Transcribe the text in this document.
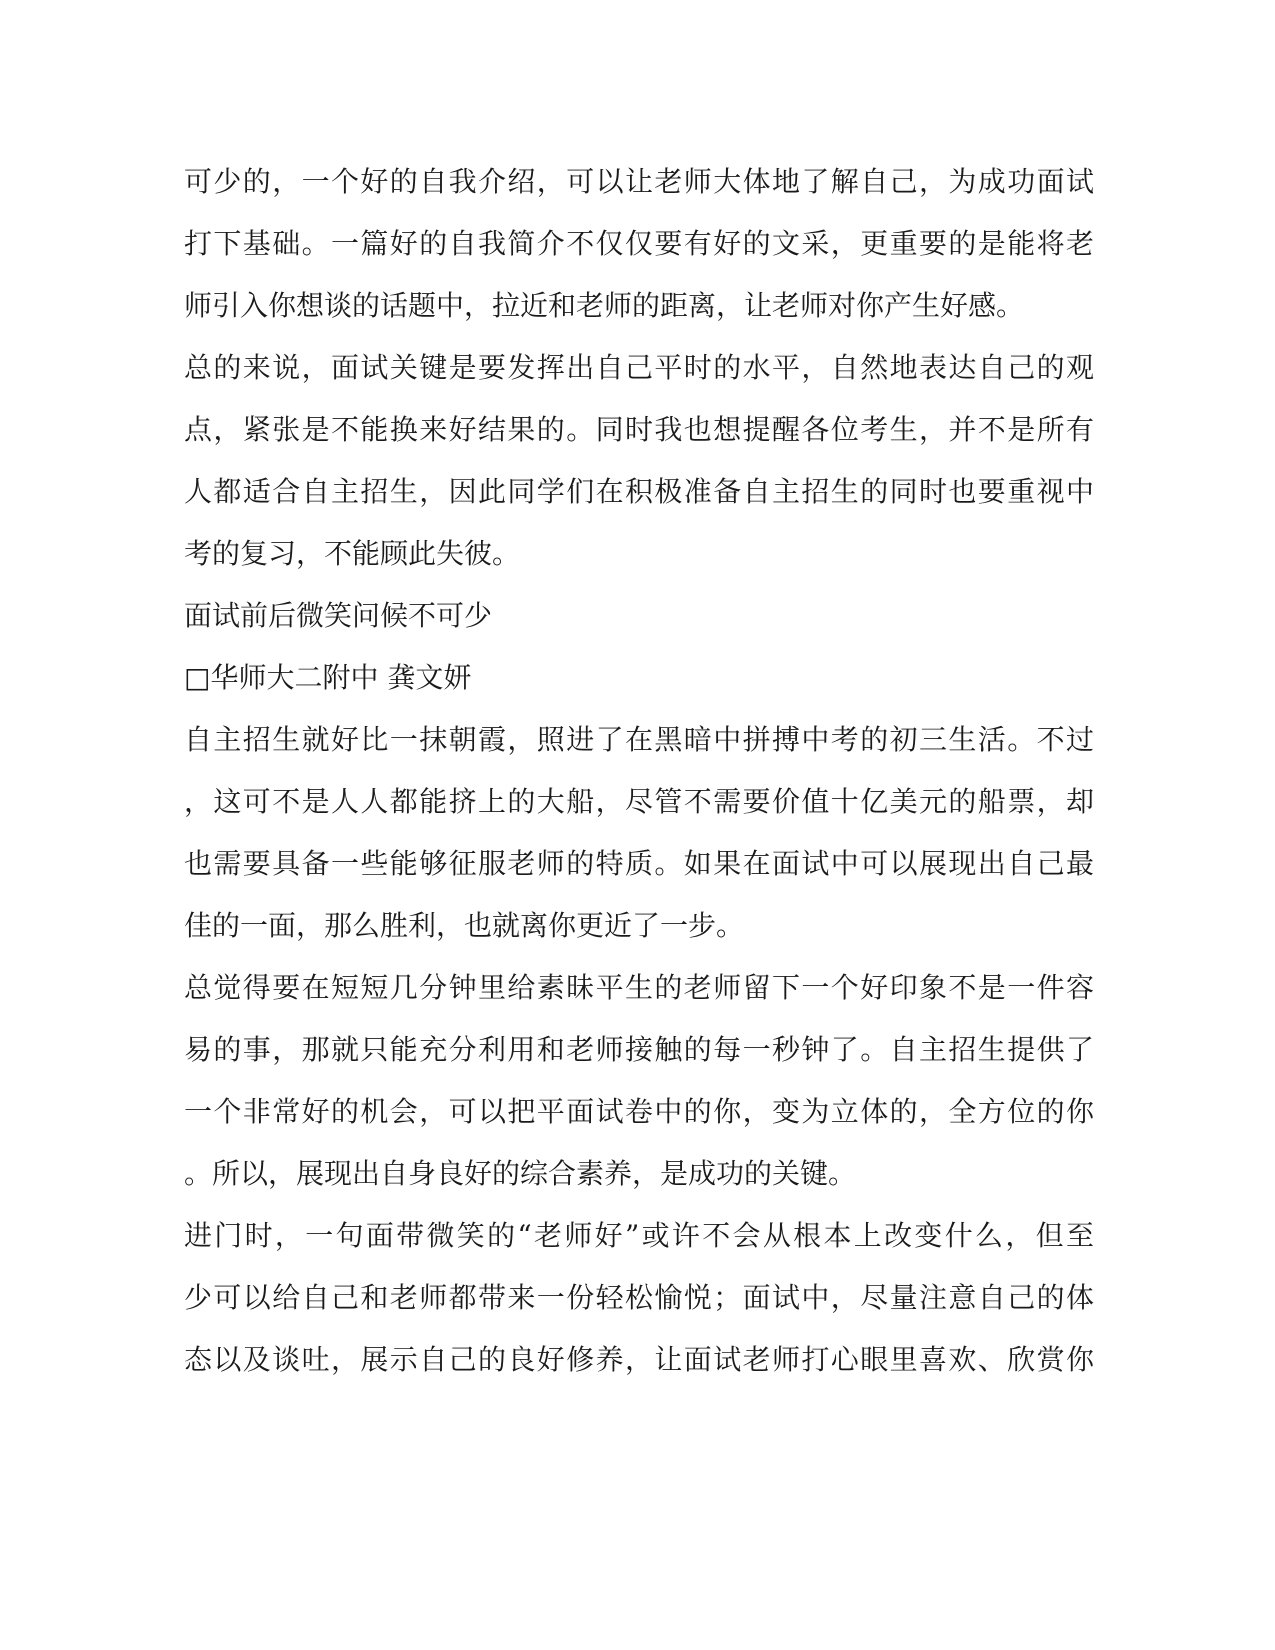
可少的，一个好的自我介绍，可以让老师大体地了解自己，为成功面试

打下基础。一篇好的自我简介不仅仅要有好的文采，更重要的是能将老

师引入你想谈的话题中，拉近和老师的距离，让老师对你产生好感。

总的来说，面试关键是要发挥出自己平时的水平，自然地表达自己的观

点，紧张是不能换来好结果的。同时我也想提醒各位考生，并不是所有

人都适合自主招生，因此同学们在积极准备自主招生的同时也要重视中

考的复习，不能顾此失彼。

面试前后微笑问候不可少

□华师大二附中 龚文妍

自主招生就好比一抹朝霞，照进了在黑暗中拼搏中考的初三生活。不过

，这可不是人人都能挤上的大船，尽管不需要价值十亿美元的船票，却

也需要具备一些能够征服老师的特质。如果在面试中可以展现出自己最

佳的一面，那么胜利，也就离你更近了一步。

总觉得要在短短几分钟里给素昧平生的老师留下一个好印象不是一件容

易的事，那就只能充分利用和老师接触的每一秒钟了。自主招生提供了

一个非常好的机会，可以把平面试卷中的你，变为立体的，全方位的你

。所以，展现出自身良好的综合素养，是成功的关键。

进门时，一句面带微笑的“老师好”或许不会从根本上改变什么，但至

少可以给自己和老师都带来一份轻松愉悦；面试中，尽量注意自己的体

态以及谈吐，展示自己的良好修养，让面试老师打心眼里喜欢、欣赏你
